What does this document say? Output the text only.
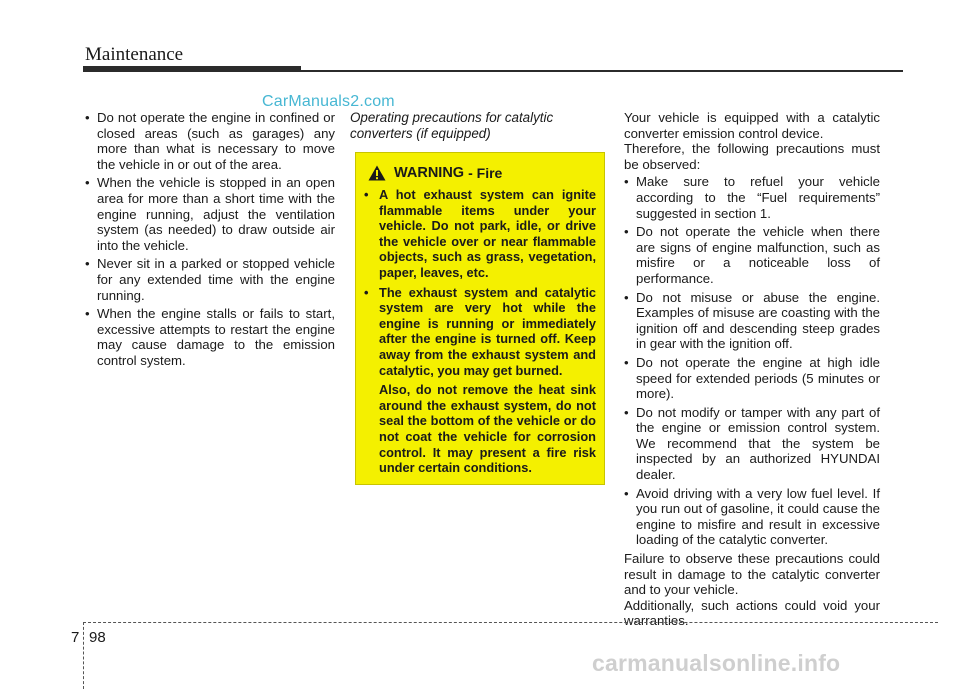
Maintenance
CarManuals2.com
• Do not operate the engine in confined or closed areas (such as garages) any more than what is necessary to move the vehicle in or out of the area.
• When the vehicle is stopped in an open area for more than a short time with the engine running, adjust the ventilation system (as needed) to draw outside air into the vehicle.
• Never sit in a parked or stopped vehicle for any extended time with the engine running.
• When the engine stalls or fails to start, excessive attempts to restart the engine may cause damage to the emission control system.

Operating precautions for catalytic converters (if equipped)

WARNING - Fire
• A hot exhaust system can ignite flammable items under your vehicle. Do not park, idle, or drive the vehicle over or near flammable objects, such as grass, vegetation, paper, leaves, etc.
• The exhaust system and catalytic system are very hot while the engine is running or immediately after the engine is turned off. Keep away from the exhaust system and catalytic, you may get burned.

Also, do not remove the heat sink around the exhaust system, do not seal the bottom of the vehicle or do not coat the vehicle for corrosion control. It may present a fire risk under certain conditions.

Your vehicle is equipped with a catalytic converter emission control device.

Therefore, the following precautions must be observed:

• Make sure to refuel your vehicle according to the “Fuel requirements” suggested in section 1.
• Do not operate the vehicle when there are signs of engine malfunction, such as misfire or a noticeable loss of performance.
• Do not misuse or abuse the engine. Examples of misuse are coasting with the ignition off and descending steep grades in gear with the ignition off.
• Do not operate the engine at high idle speed for extended periods (5 minutes or more).
• Do not modify or tamper with any part of the engine or emission control system. We recommend that the system be inspected by an authorized HYUNDAI dealer.
• Avoid driving with a very low fuel level. If you run out of gasoline, it could cause the engine to misfire and result in excessive loading of the catalytic converter.

Failure to observe these precautions could result in damage to the catalytic converter and to your vehicle.

Additionally, such actions could void your warranties.

7 98
carmanualsonline.info
